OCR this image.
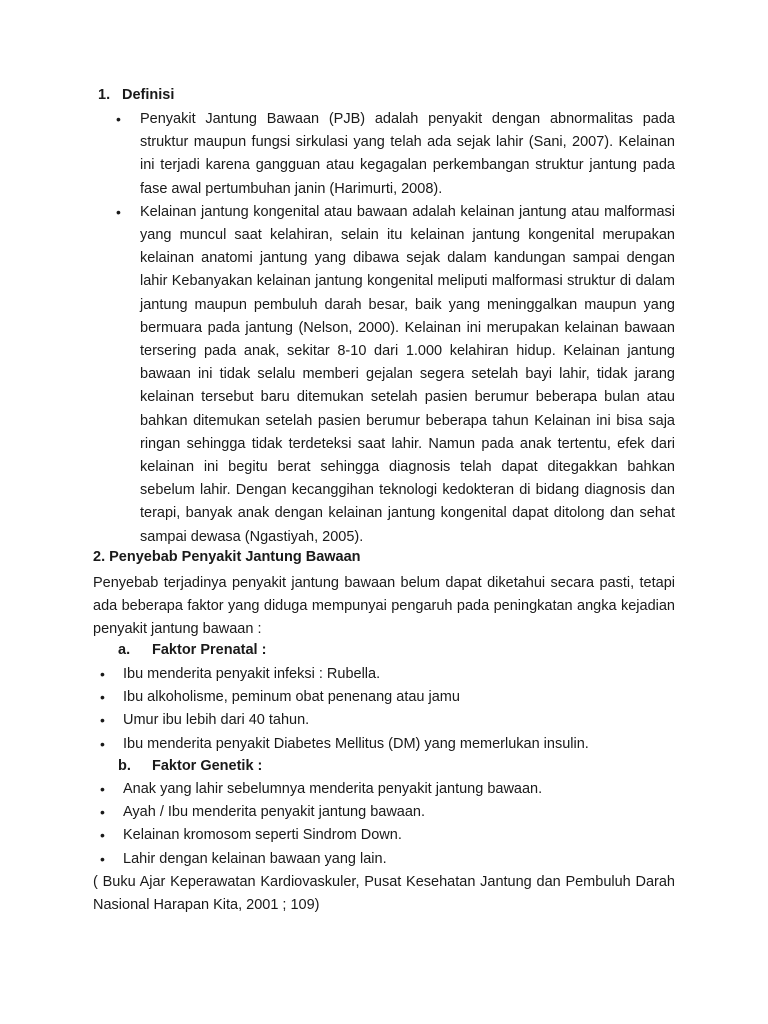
1. Definisi
• Penyakit Jantung Bawaan (PJB) adalah penyakit dengan abnormalitas pada struktur maupun fungsi sirkulasi yang telah ada sejak lahir (Sani, 2007). Kelainan ini terjadi karena gangguan atau kegagalan perkembangan struktur jantung pada fase awal pertumbuhan janin (Harimurti, 2008).
• Kelainan jantung kongenital atau bawaan adalah kelainan jantung atau malformasi yang muncul saat kelahiran, selain itu kelainan jantung kongenital merupakan kelainan anatomi jantung yang dibawa sejak dalam kandungan sampai dengan lahir Kebanyakan kelainan jantung kongenital meliputi malformasi struktur di dalam jantung maupun pembuluh darah besar, baik yang meninggalkan maupun yang bermuara pada jantung (Nelson, 2000). Kelainan ini merupakan kelainan bawaan tersering pada anak, sekitar 8-10 dari 1.000 kelahiran hidup. Kelainan jantung bawaan ini tidak selalu memberi gejalan segera setelah bayi lahir, tidak jarang kelainan tersebut baru ditemukan setelah pasien berumur beberapa bulan atau bahkan ditemukan setelah pasien berumur beberapa tahun Kelainan ini bisa saja ringan sehingga tidak terdeteksi saat lahir. Namun pada anak tertentu, efek dari kelainan ini begitu berat sehingga diagnosis telah dapat ditegakkan bahkan sebelum lahir. Dengan kecanggihan teknologi kedokteran di bidang diagnosis dan terapi, banyak anak dengan kelainan jantung kongenital dapat ditolong dan sehat sampai dewasa (Ngastiyah, 2005).
2. Penyebab Penyakit Jantung Bawaan

Penyebab terjadinya penyakit jantung bawaan belum dapat diketahui secara pasti, tetapi ada beberapa faktor yang diduga mempunyai pengaruh pada peningkatan angka kejadian penyakit jantung bawaan :

a. Faktor Prenatal :
• Ibu menderita penyakit infeksi : Rubella.
• Ibu alkoholisme, peminum obat penenang atau jamu
• Umur ibu lebih dari 40 tahun.
• Ibu menderita penyakit Diabetes Mellitus (DM) yang memerlukan insulin.
b. Faktor Genetik :
• Anak yang lahir sebelumnya menderita penyakit jantung bawaan.
• Ayah / Ibu menderita penyakit jantung bawaan.
• Kelainan kromosom seperti Sindrom Down.
• Lahir dengan kelainan bawaan yang lain.

( Buku Ajar Keperawatan Kardiovaskuler, Pusat Kesehatan Jantung dan Pembuluh Darah Nasional Harapan Kita, 2001 ; 109)
